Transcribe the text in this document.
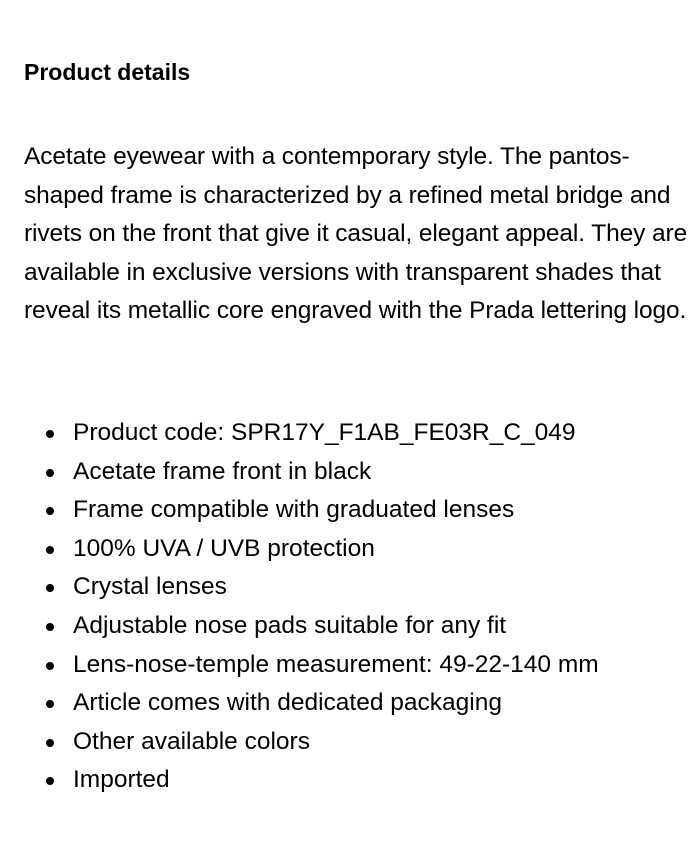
Product details

Acetate eyewear with a contemporary style. The pantos-shaped frame is characterized by a refined metal bridge and rivets on the front that give it casual, elegant appeal. They are available in exclusive versions with transparent shades that reveal its metallic core engraved with the Prada lettering logo.

Product code: SPR17Y_F1AB_FE03R_C_049
Acetate frame front in black
Frame compatible with graduated lenses
100% UVA / UVB protection
Crystal lenses
Adjustable nose pads suitable for any fit
Lens-nose-temple measurement: 49-22-140 mm
Article comes with dedicated packaging
Other available colors
Imported
